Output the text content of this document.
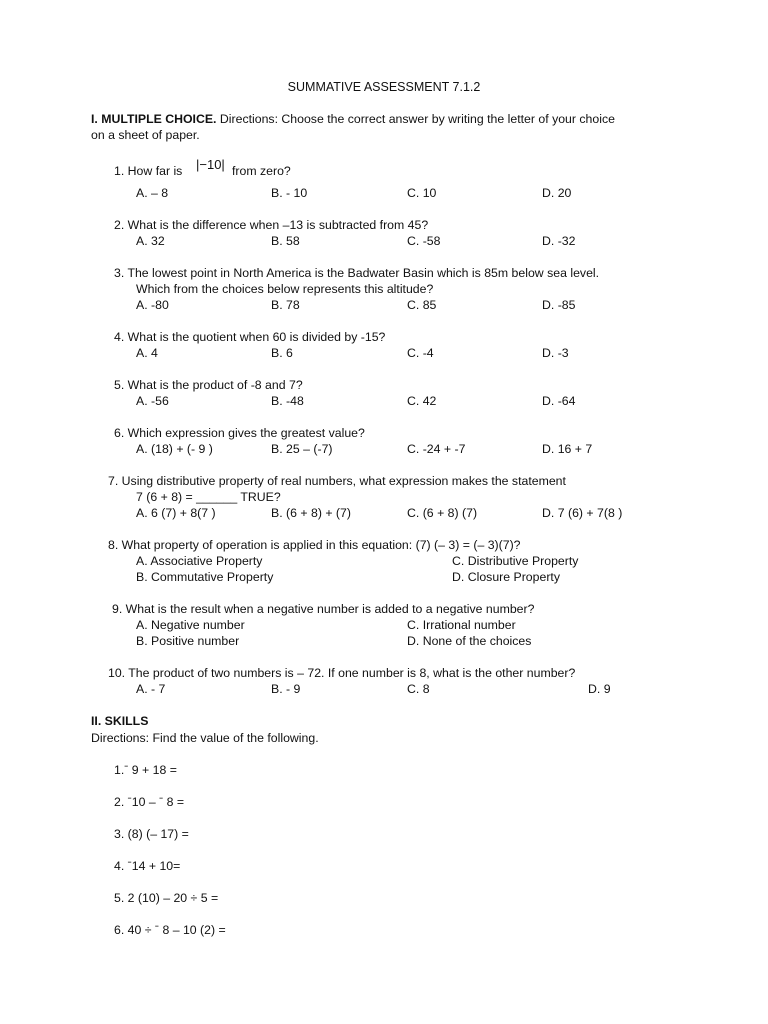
SUMMATIVE ASSESSMENT 7.1.2
I. MULTIPLE CHOICE. Directions: Choose the correct answer by writing the letter of your choice
on a sheet of paper.
1. How far is |−10| from zero?
A. – 8	B. - 10	C. 10	D. 20
2. What is the difference when –13 is subtracted from 45?
A. 32	B. 58	C. -58	D. -32
3. The lowest point in North America is the Badwater Basin which is 85m below sea level.
Which from the choices below represents this altitude?
A. -80	B. 78	C. 85	D. -85
4. What is the quotient when 60 is divided by -15?
A. 4	B. 6	C. -4	D. -3
5. What is the product of -8 and 7?
A. -56	B. -48	C. 42	D. -64
6. Which expression gives the greatest value?
A. (18) + (- 9 )	B. 25 – (-7)	C. -24 + -7	D. 16 + 7
7. Using distributive property of real numbers, what expression makes the statement
7 (6 + 8) = ______ TRUE?
A. 6 (7) + 8(7 )	B. (6 + 8) + (7)	C. (6 + 8) (7)	D. 7 (6) + 7(8 )
8. What property of operation is applied in this equation: (7) (– 3) = (– 3)(7)?
A. Associative Property	C. Distributive Property
B. Commutative Property	D. Closure Property
9. What is the result when a negative number is added to a negative number?
A. Negative number	C. Irrational number
B. Positive number	D. None of the choices
10. The product of two numbers is – 72. If one number is 8, what is the other number?
A. - 7	B. - 9	C. 8	D. 9
II. SKILLS
Directions: Find the value of the following.
1.ˉ 9 + 18 =
2. ˉ10 – ˉ 8 =
3. (8) (– 17) =
4. ˉ14 + 10=
5. 2 (10) – 20 ÷ 5 =
6. 40 ÷ ˉ 8 – 10 (2) =
